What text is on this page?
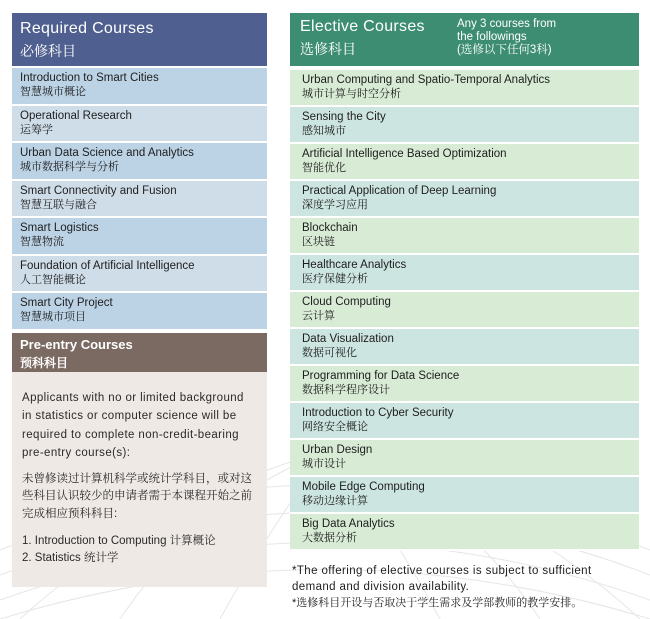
Required Courses
必修科目
Introduction to Smart Cities
智慧城市概论
Operational Research
运筹学
Urban Data Science and Analytics
城市数据科学与分析
Smart Connectivity and Fusion
智慧互联与融合
Smart Logistics
智慧物流
Foundation of Artificial Intelligence
人工智能概论
Smart City Project
智慧城市项目
Pre-entry Courses
预科科目
Applicants with no or limited background in statistics or computer science will be required to complete non-credit-bearing pre-entry course(s):
未曾修读过计算机科学或统计学科目，或对这些科目认识较少的申请者需于本课程开始之前完成相应预科科目:
1. Introduction to Computing 计算概论
2. Statistics 统计学
Elective Courses
选修科目
Any 3 courses from
the followings
(选修以下任何3科)
Urban Computing and Spatio-Temporal Analytics
城市计算与时空分析
Sensing the City
感知城市
Artificial Intelligence Based Optimization
智能优化
Practical Application of Deep Learning
深度学习应用
Blockchain
区块链
Healthcare Analytics
医疗保健分析
Cloud Computing
云计算
Data Visualization
数据可视化
Programming for Data Science
数据科学程序设计
Introduction to Cyber Security
网络安全概论
Urban Design
城市设计
Mobile Edge Computing
移动边缘计算
Big Data Analytics
大数据分析
*The offering of elective courses is subject to sufficient demand and division availability.
*选修科目开设与否取决于学生需求及学部教师的教学安排。
